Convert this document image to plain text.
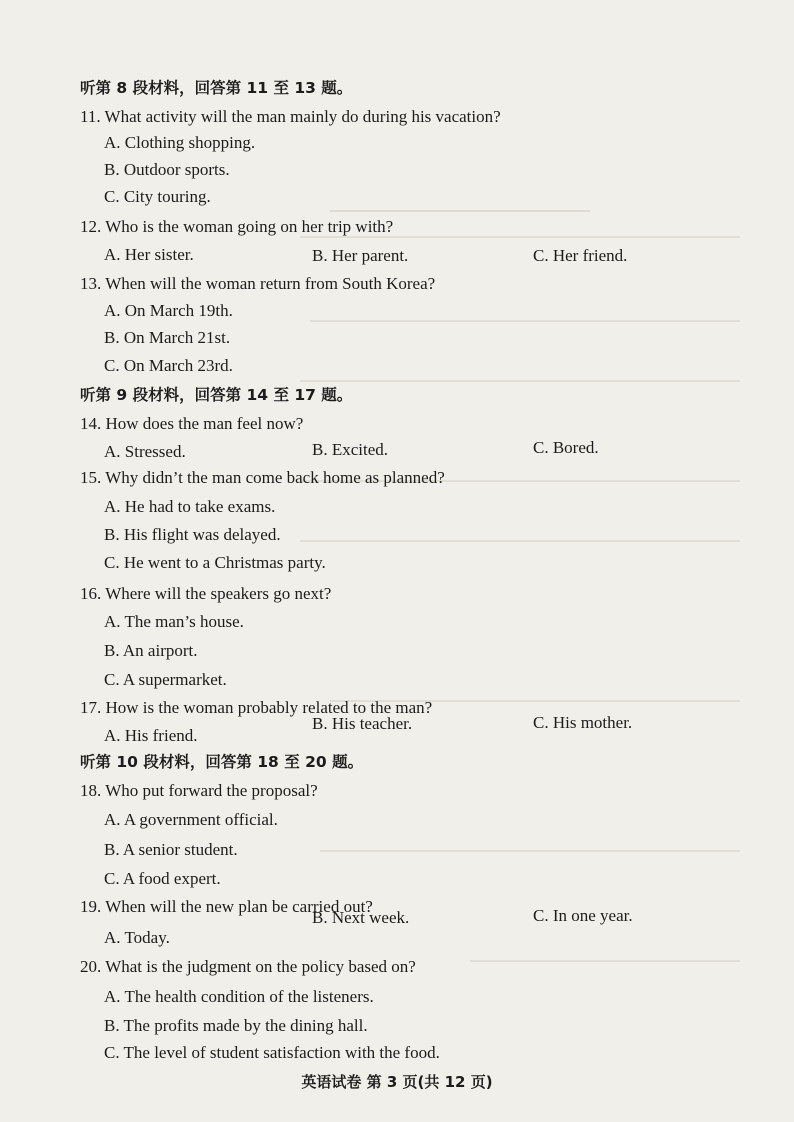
听第 8 段材料，回答第 11 至 13 题。
11. What activity will the man mainly do during his vacation?
A. Clothing shopping.
B. Outdoor sports.
C. City touring.
12. Who is the woman going on her trip with?
A. Her sister.	B. Her parent.	C. Her friend.
13. When will the woman return from South Korea?
A. On March 19th.
B. On March 21st.
C. On March 23rd.
听第 9 段材料，回答第 14 至 17 题。
14. How does the man feel now?
A. Stressed.	B. Excited.	C. Bored.
15. Why didn’t the man come back home as planned?
A. He had to take exams.
B. His flight was delayed.
C. He went to a Christmas party.
16. Where will the speakers go next?
A. The man’s house.
B. An airport.
C. A supermarket.
17. How is the woman probably related to the man?
A. His friend.
B. His teacher.	C. His mother.
听第 10 段材料，回答第 18 至 20 题。
18. Who put forward the proposal?
A. A government official.
B. A senior student.
C. A food expert.
19. When will the new plan be carried out?
A. Today.
B. Next week.	C. In one year.
20. What is the judgment on the policy based on?
A. The health condition of the listeners.
B. The profits made by the dining hall.
C. The level of student satisfaction with the food.
英语试卷 第 3 页(共 12 页)
